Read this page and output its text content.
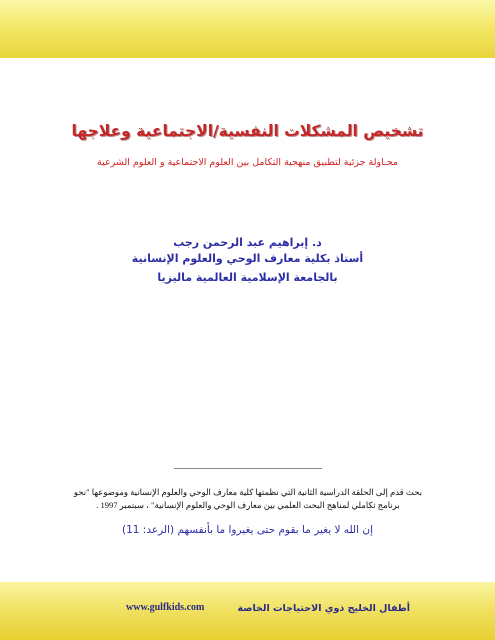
تشخيص المشكلات النفسية/الاجتماعية وعلاجها
محـاولة جزئية لتطبيق منهجية التكامل بين العلوم الاجتماعية و العلوم الشرعية
د. إبراهيم عبد الرحمن رجب
أستاذ بكلية معارف الوحي والعلوم الإنسانية
بالجامعة الإسلامية العالمية ماليزيا
بحث قدم إلى الحلقة الدراسية الثانية التي نظمتها كلية معارف الوحي والعلوم الإنسانية وموضوعها "نحو
برنامج تكاملي لمناهج البحث العلمي بين معارف الوحي والعلوم الإنسانية" ، سبتمبر 1997 .
إن الله لا يغير ما بقوم حتى يغيروا ما بأنفسهم (الرعد: 11)
أطفال الخليج ذوي الاحتياجات الخاصة
www.gulfkids.com
